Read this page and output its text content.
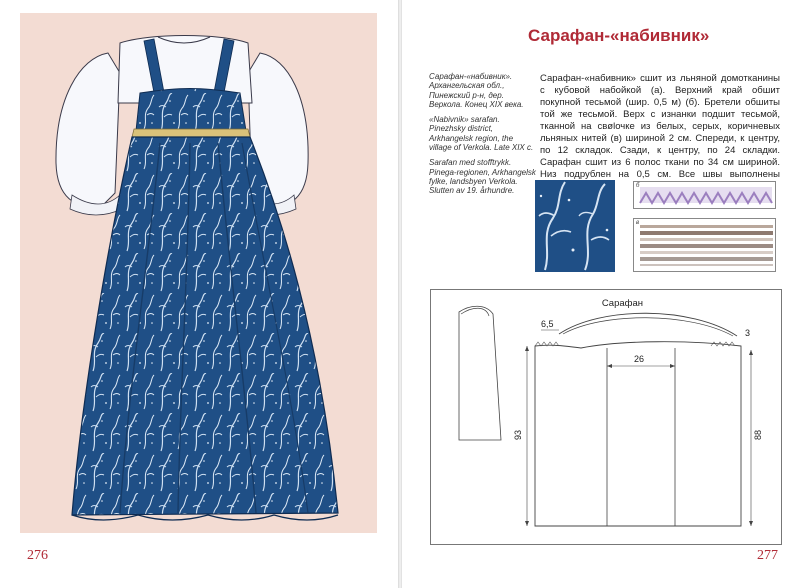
276
Сарафан-«набивник»

Сарафан-«набивник». Архангельская обл., Пинежский р-н, дер. Веркола. Конец XIX века.

«Nabivnik» sarafan. Pinezhsky district, Arkhangelsk region, the village of Verkola. Late XIX c.

Sarafan med stofftrykk. Pinega-regionen, Arkhangelsk fylke, landsbyen Verkola. Slutten av 19. århundre.

Сарафан-«набивник» сшит из льняной домотканины с кубовой набойкой (а). Верхний край обшит покупной тесьмой (шир. 0,5 м) (б). Бретели обшиты той же тесьмой. Верх с изнанки подшит тесьмой, тканной на свølочке из белых, серых, коричневых льняных нитей (в) шириной 2 см. Спереди, к центру, по 12 складок. Сзади, к центру, по 24 складки. Сарафан сшит из 6 полос ткани по 34 см шириной. Низ подрублен на 0,5 см. Все швы выполнены
б
в
Сарафан
6,5
3
26
93	88
277
